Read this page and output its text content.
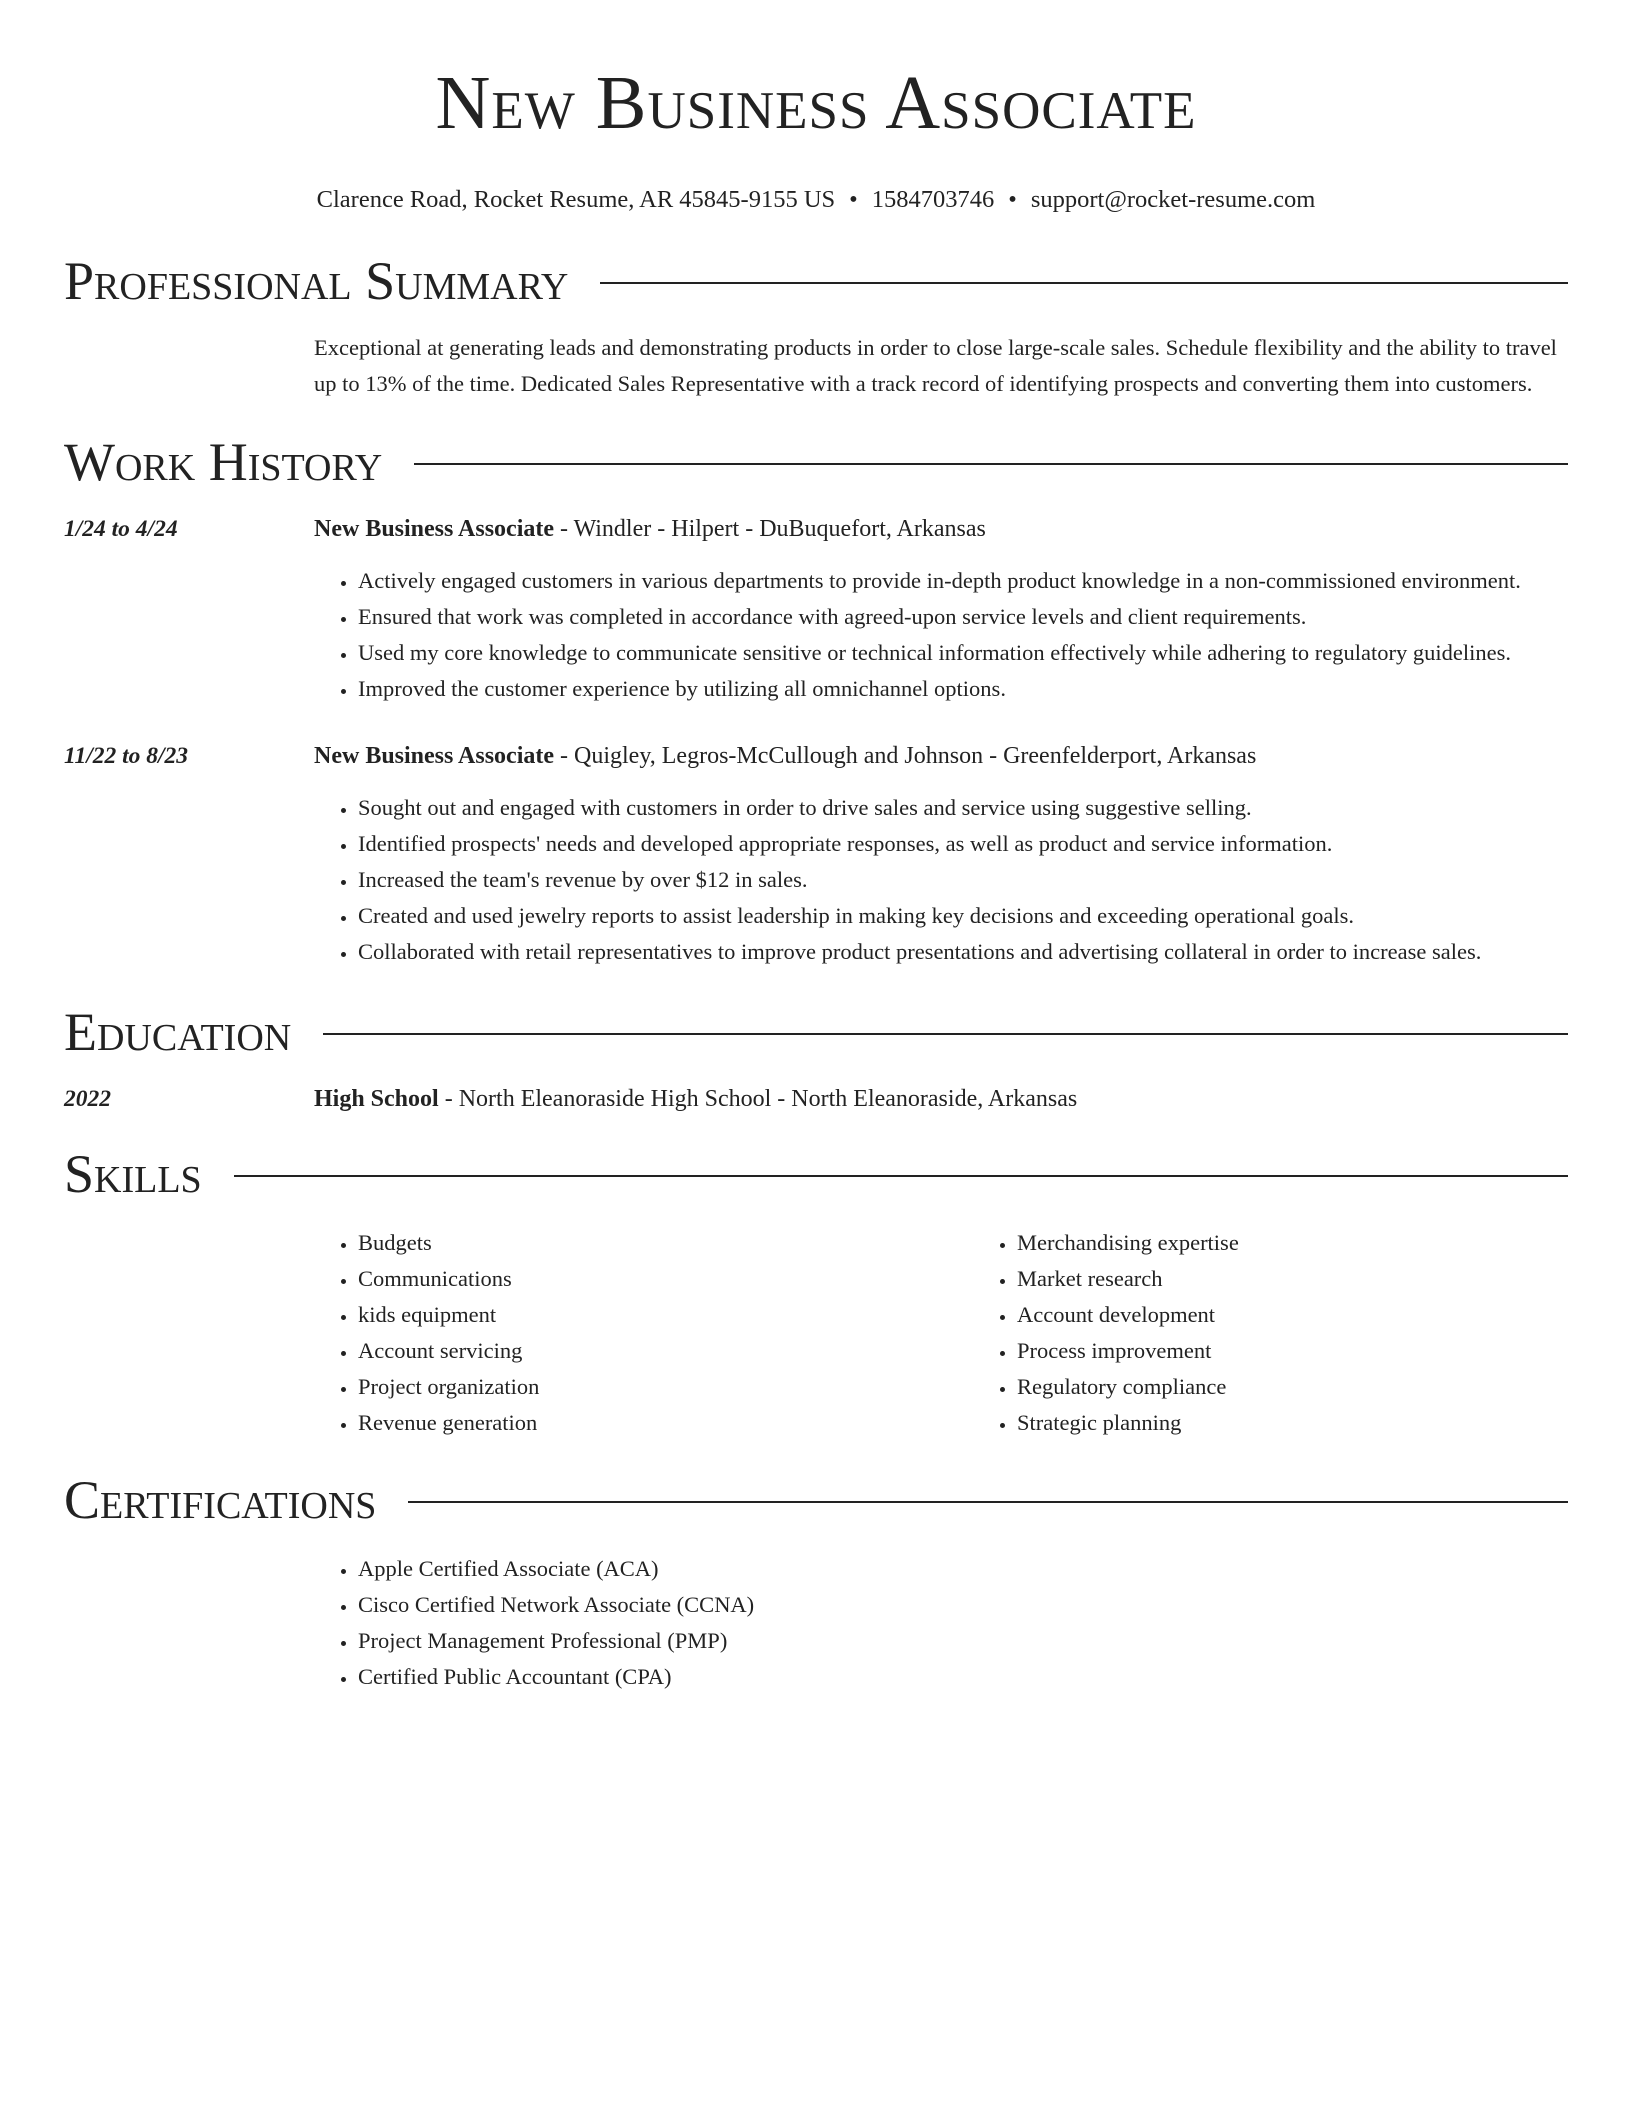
New Business Associate
Clarence Road, Rocket Resume, AR 45845-9155 US • 1584703746 • support@rocket-resume.com
Professional Summary

Exceptional at generating leads and demonstrating products in order to close large-scale sales. Schedule flexibility and the ability to travel up to 13% of the time. Dedicated Sales Representative with a track record of identifying prospects and converting them into customers.

Work History
1/24 to 4/24	New Business Associate - Windler - Hilpert - DuBuquefort, Arkansas
• Actively engaged customers in various departments to provide in-depth product knowledge in a non-commissioned environment.
• Ensured that work was completed in accordance with agreed-upon service levels and client requirements.
• Used my core knowledge to communicate sensitive or technical information effectively while adhering to regulatory guidelines.
• Improved the customer experience by utilizing all omnichannel options.
11/22 to 8/23	New Business Associate - Quigley, Legros-McCullough and Johnson - Greenfelderport, Arkansas
• Sought out and engaged with customers in order to drive sales and service using suggestive selling.
• Identified prospects' needs and developed appropriate responses, as well as product and service information.
• Increased the team's revenue by over $12 in sales.
• Created and used jewelry reports to assist leadership in making key decisions and exceeding operational goals.
• Collaborated with retail representatives to improve product presentations and advertising collateral in order to increase sales.
Education
2022	High School - North Eleanoraside High School - North Eleanoraside, Arkansas
Skills
• Budgets
• Communications
• kids equipment
• Account servicing
• Project organization
• Revenue generation
• Merchandising expertise
• Market research
• Account development
• Process improvement
• Regulatory compliance
• Strategic planning
Certifications
• Apple Certified Associate (ACA)
• Cisco Certified Network Associate (CCNA)
• Project Management Professional (PMP)
• Certified Public Accountant (CPA)
